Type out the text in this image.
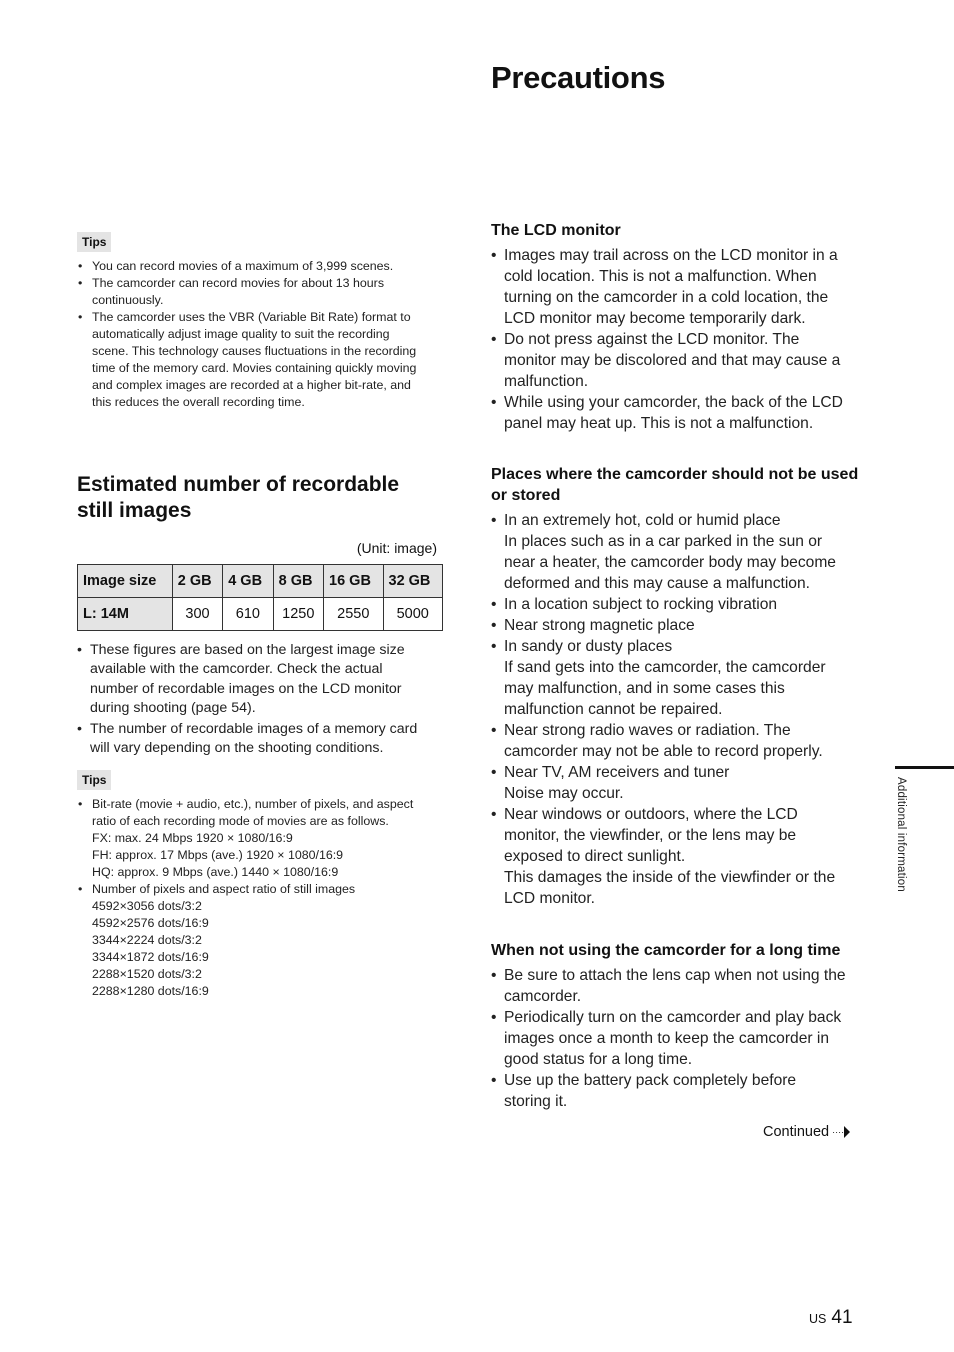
Precautions
Tips
• You can record movies of a maximum of 3,999 scenes.
• The camcorder can record movies for about 13 hours
continuously.
• The camcorder uses the VBR (Variable Bit Rate) format to
automatically adjust image quality to suit the recording
scene. This technology causes fluctuations in the recording
time of the memory card. Movies containing quickly moving
and complex images are recorded at a higher bit-rate, and
this reduces the overall recording time.
Estimated number of recordable still images
(Unit: image)
Image size	2 GB	4 GB	8 GB	16 GB	32 GB
L: 14M	300	610	1250	2550	5000
• These figures are based on the largest image size
available with the camcorder. Check the actual
number of recordable images on the LCD monitor
during shooting (page 54).
• The number of recordable images of a memory card
will vary depending on the shooting conditions.
Tips
• Bit-rate (movie + audio, etc.), number of pixels, and aspect
ratio of each recording mode of movies are as follows.
FX: max. 24 Mbps 1920 × 1080/16:9
FH: approx. 17 Mbps (ave.) 1920 × 1080/16:9
HQ: approx. 9 Mbps (ave.) 1440 × 1080/16:9
• Number of pixels and aspect ratio of still images
4592×3056 dots/3:2
4592×2576 dots/16:9
3344×2224 dots/3:2
3344×1872 dots/16:9
2288×1520 dots/3:2
2288×1280 dots/16:9
The LCD monitor
• Images may trail across on the LCD monitor in a
cold location. This is not a malfunction. When
turning on the camcorder in a cold location, the
LCD monitor may become temporarily dark.
• Do not press against the LCD monitor. The
monitor may be discolored and that may cause a
malfunction.
• While using your camcorder, the back of the LCD
panel may heat up. This is not a malfunction.
Places where the camcorder should not be used or stored
• In an extremely hot, cold or humid place
In places such as in a car parked in the sun or
near a heater, the camcorder body may become
deformed and this may cause a malfunction.
• In a location subject to rocking vibration
• Near strong magnetic place
• In sandy or dusty places
If sand gets into the camcorder, the camcorder
may malfunction, and in some cases this
malfunction cannot be repaired.
• Near strong radio waves or radiation. The
camcorder may not be able to record properly.
• Near TV, AM receivers and tuner
Noise may occur.
• Near windows or outdoors, where the LCD
monitor, the viewfinder, or the lens may be
exposed to direct sunlight.
This damages the inside of the viewfinder or the
LCD monitor.
When not using the camcorder for a long time
• Be sure to attach the lens cap when not using the
camcorder.
• Periodically turn on the camcorder and play back
images once a month to keep the camcorder in
good status for a long time.
• Use up the battery pack completely before
storing it.
Continued ····
Additional information
US 41
